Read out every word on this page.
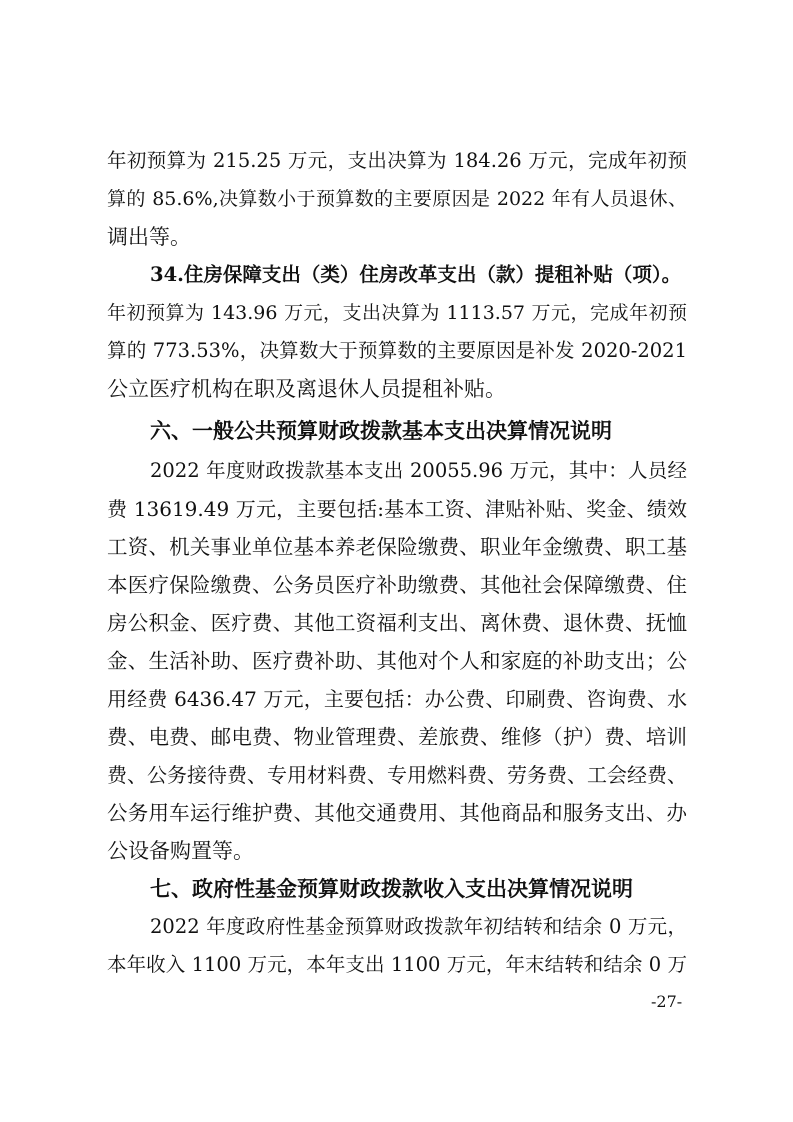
年初预算为 215.25 万元，支出决算为 184.26 万元，完成年初预
算的 85.6%,决算数小于预算数的主要原因是 2022 年有人员退休、
调出等。
34.住房保障支出（类）住房改革支出（款）提租补贴（项）。
年初预算为 143.96 万元，支出决算为 1113.57 万元，完成年初预
算的 773.53%，决算数大于预算数的主要原因是补发 2020-2021
公立医疗机构在职及离退休人员提租补贴。
六、一般公共预算财政拨款基本支出决算情况说明
2022 年度财政拨款基本支出 20055.96 万元，其中：人员经
费 13619.49 万元，主要包括:基本工资、津贴补贴、奖金、绩效
工资、机关事业单位基本养老保险缴费、职业年金缴费、职工基
本医疗保险缴费、公务员医疗补助缴费、其他社会保障缴费、住
房公积金、医疗费、其他工资福利支出、离休费、退休费、抚恤
金、生活补助、医疗费补助、其他对个人和家庭的补助支出；公
用经费 6436.47 万元，主要包括：办公费、印刷费、咨询费、水
费、电费、邮电费、物业管理费、差旅费、维修（护）费、培训
费、公务接待费、专用材料费、专用燃料费、劳务费、工会经费、
公务用车运行维护费、其他交通费用、其他商品和服务支出、办
公设备购置等。
七、政府性基金预算财政拨款收入支出决算情况说明
2022 年度政府性基金预算财政拨款年初结转和结余 0 万元，
本年收入 1100 万元，本年支出 1100 万元，年末结转和结余 0 万
-27-
